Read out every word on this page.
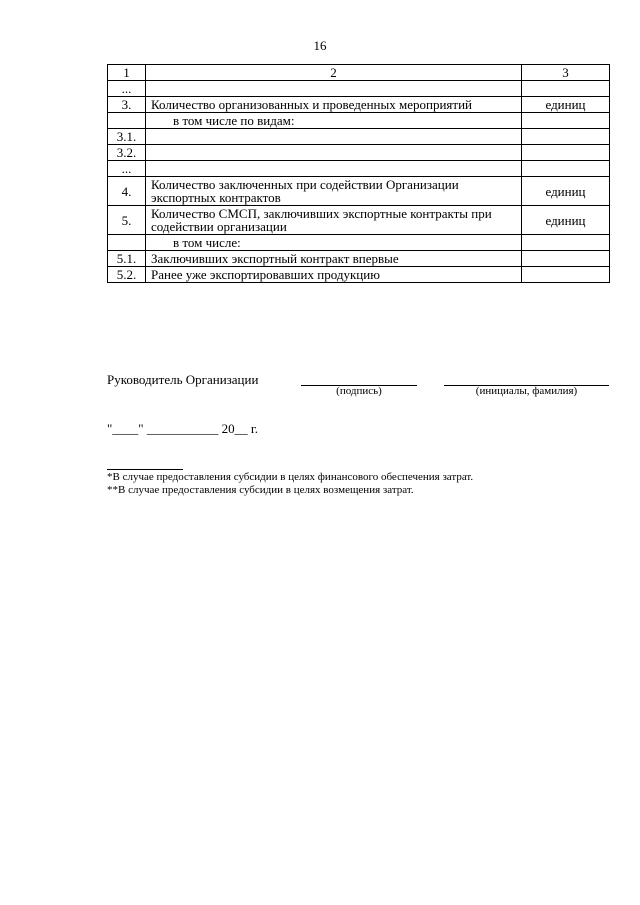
16
1	2	3
...		
3.	Количество организованных и проведенных мероприятий	единиц
	в том числе по видам:	
3.1.		
3.2.		
...		
4.	Количество заключенных при содействии Организации экспортных контрактов	единиц
5.	Количество СМСП, заключивших экспортные контракты при содействии организации	единиц
	в том числе:	
5.1.	Заключивших экспортный контракт впервые	
5.2.	Ранее уже экспортировавших продукцию	
Руководитель Организации
(подпись)	(инициалы, фамилия)
"____" ___________ 20__ г.
*В случае предоставления субсидии в целях финансового обеспечения затрат.
**В случае предоставления субсидии в целях возмещения затрат.
